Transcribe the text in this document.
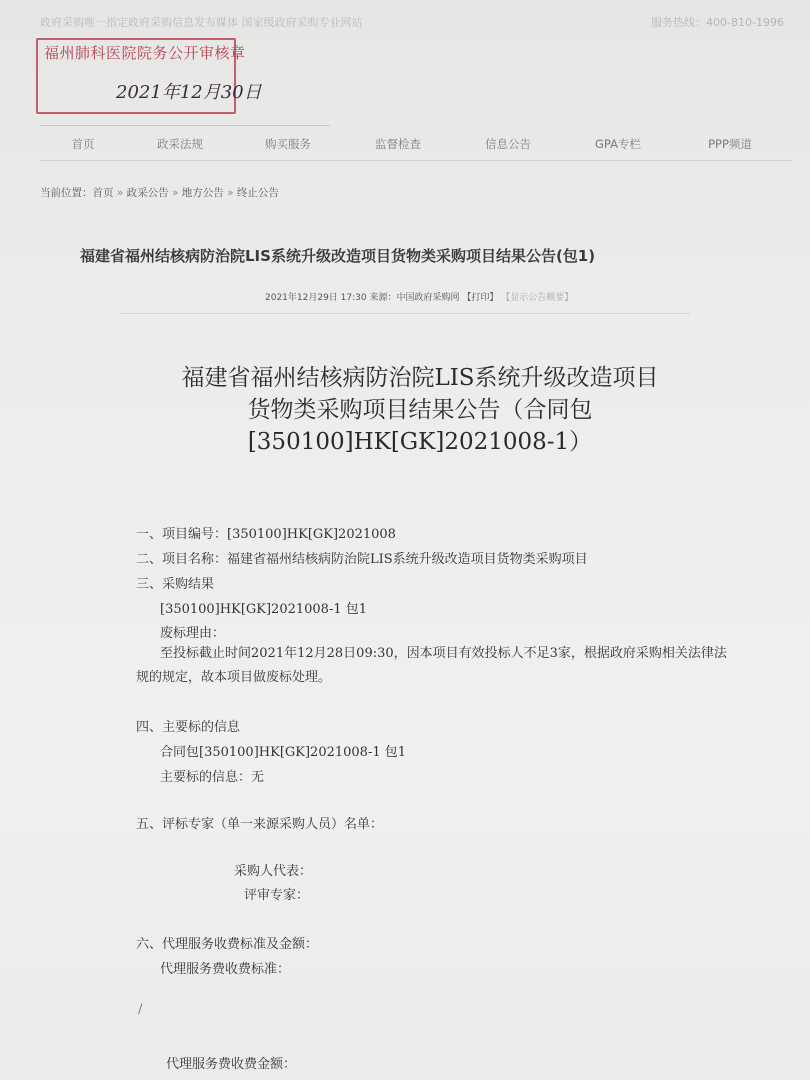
政府采购唯一指定政府采购信息发布媒体 国家级政府采购专业网站	服务热线：400-810-1996
福州肺科医院院务公开审核章
2021年12月30日
首页	政采法规	购买服务	监督检查	信息公告	GPA专栏	PPP频道
当前位置：首页 » 政采公告 » 地方公告 » 终止公告
福建省福州结核病防治院LIS系统升级改造项目货物类采购项目结果公告(包1)
2021年12月29日 17:30 来源：中国政府采购网 【打印】 【显示公告概要】
福建省福州结核病防治院LIS系统升级改造项目
货物类采购项目结果公告（合同包
[350100]HK[GK]2021008-1）
一、项目编号：[350100]HK[GK]2021008
二、项目名称：福建省福州结核病防治院LIS系统升级改造项目货物类采购项目
三、采购结果
[350100]HK[GK]2021008-1 包1
废标理由：
至投标截止时间2021年12月28日09:30，因本项目有效投标人不足3家，根据政府采购相关法律法规的规定，故本项目做废标处理。
四、主要标的信息
合同包[350100]HK[GK]2021008-1 包1
主要标的信息：无
五、评标专家（单一来源采购人员）名单：
采购人代表：
评审专家：
六、代理服务收费标准及金额：
代理服务费收费标准：
/
代理服务费收费金额：
